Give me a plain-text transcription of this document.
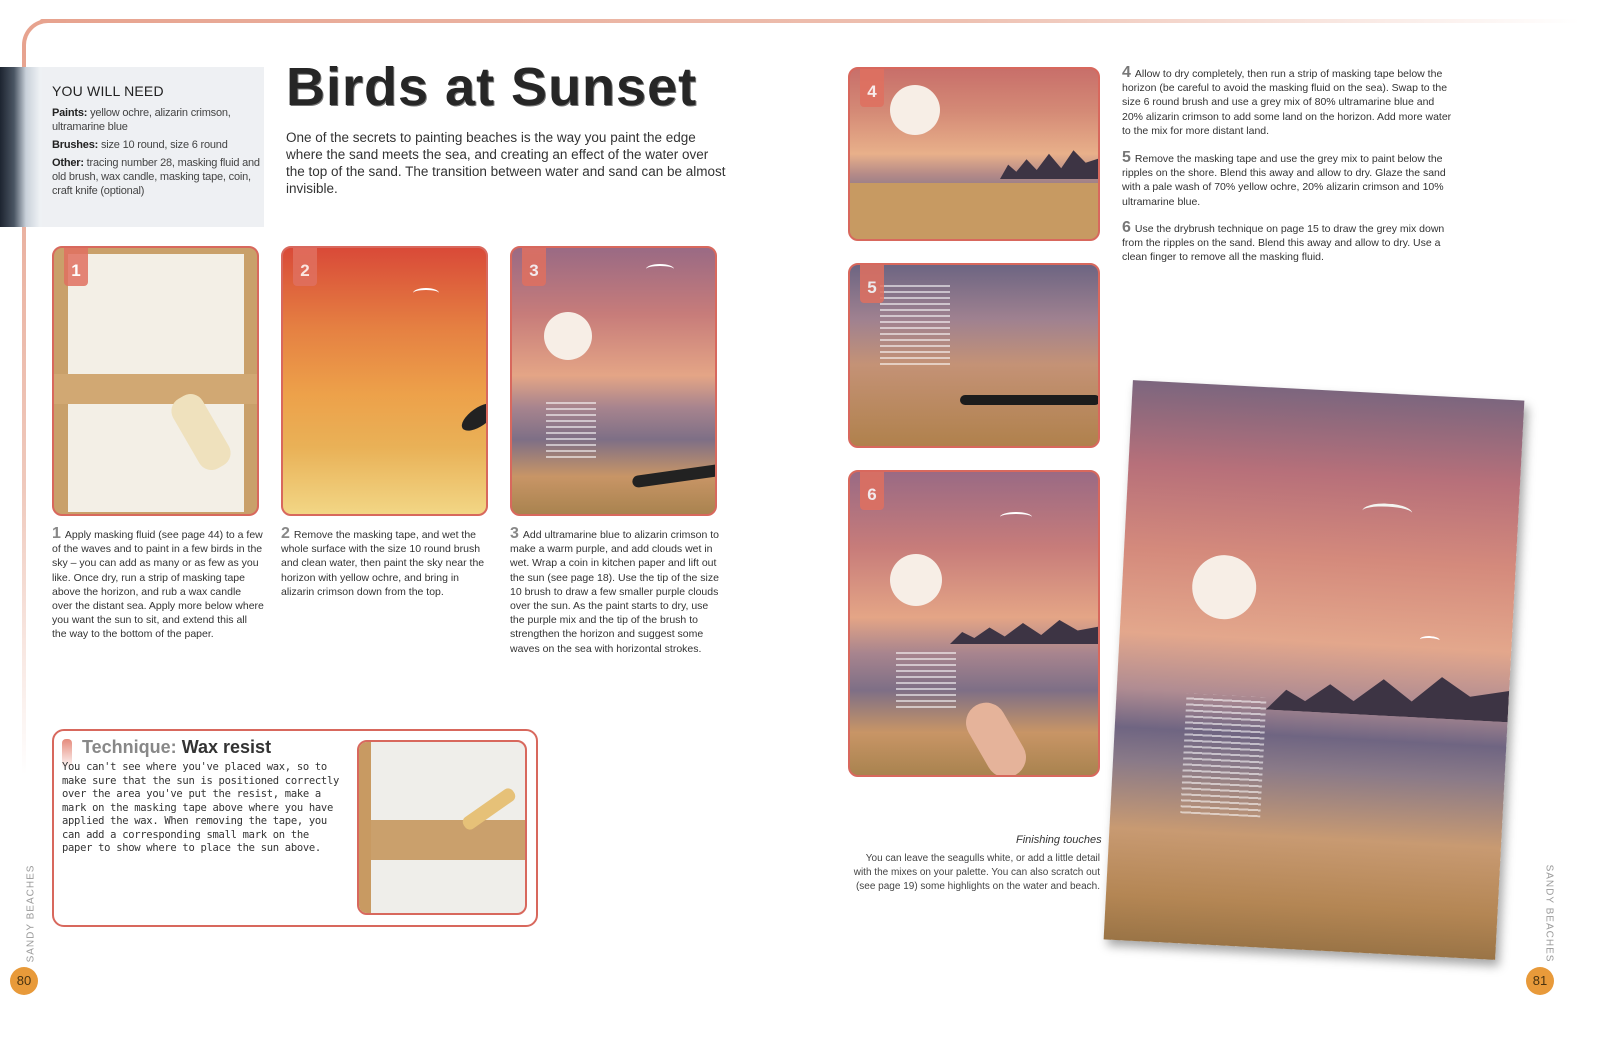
YOU WILL NEED
Paints: yellow ochre, alizarin crimson, ultramarine blue
Brushes: size 10 round, size 6 round
Other: tracing number 28, masking fluid and old brush, wax candle, masking tape, coin, craft knife (optional)
Birds at Sunset
One of the secrets to painting beaches is the way you paint the edge where the sand meets the sea, and creating an effect of the water over the top of the sand. The transition between water and sand can be almost invisible.
1	2	3
1 Apply masking fluid (see page 44) to a few of the waves and to paint in a few birds in the sky – you can add as many or as few as you like. Once dry, run a strip of masking tape above the horizon, and rub a wax candle over the distant sea. Apply more below where you want the sun to sit, and extend this all the way to the bottom of the paper.
2 Remove the masking tape, and wet the whole surface with the size 10 round brush and clean water, then paint the sky near the horizon with yellow ochre, and bring in alizarin crimson down from the top.
3 Add ultramarine blue to alizarin crimson to make a warm purple, and add clouds wet in wet. Wrap a coin in kitchen paper and lift out the sun (see page 18). Use the tip of the size 10 brush to draw a few smaller purple clouds over the sun. As the paint starts to dry, use the purple mix and the tip of the brush to strengthen the horizon and suggest some waves on the sea with horizontal strokes.
Technique: Wax resist
You can't see where you've placed wax, so to make sure that the sun is positioned correctly over the area you've put the resist, make a mark on the masking tape above where you have applied the wax. When removing the tape, you can add a corresponding small mark on the paper to show where to place the sun above.
4
5
6
4 Allow to dry completely, then run a strip of masking tape below the horizon (be careful to avoid the masking fluid on the sea). Swap to the size 6 round brush and use a grey mix of 80% ultramarine blue and 20% alizarin crimson to add some land on the horizon. Add more water to the mix for more distant land.
5 Remove the masking tape and use the grey mix to paint below the ripples on the shore. Blend this away and allow to dry. Glaze the sand with a pale wash of 70% yellow ochre, 20% alizarin crimson and 10% ultramarine blue.
6 Use the drybrush technique on page 15 to draw the grey mix down from the ripples on the sand. Blend this away and allow to dry. Use a clean finger to remove all the masking fluid.
Finishing touches
You can leave the seagulls white, or add a little detail with the mixes on your palette. You can also scratch out (see page 19) some highlights on the water and beach.
SANDY BEACHES
80
SANDY BEACHES
81
